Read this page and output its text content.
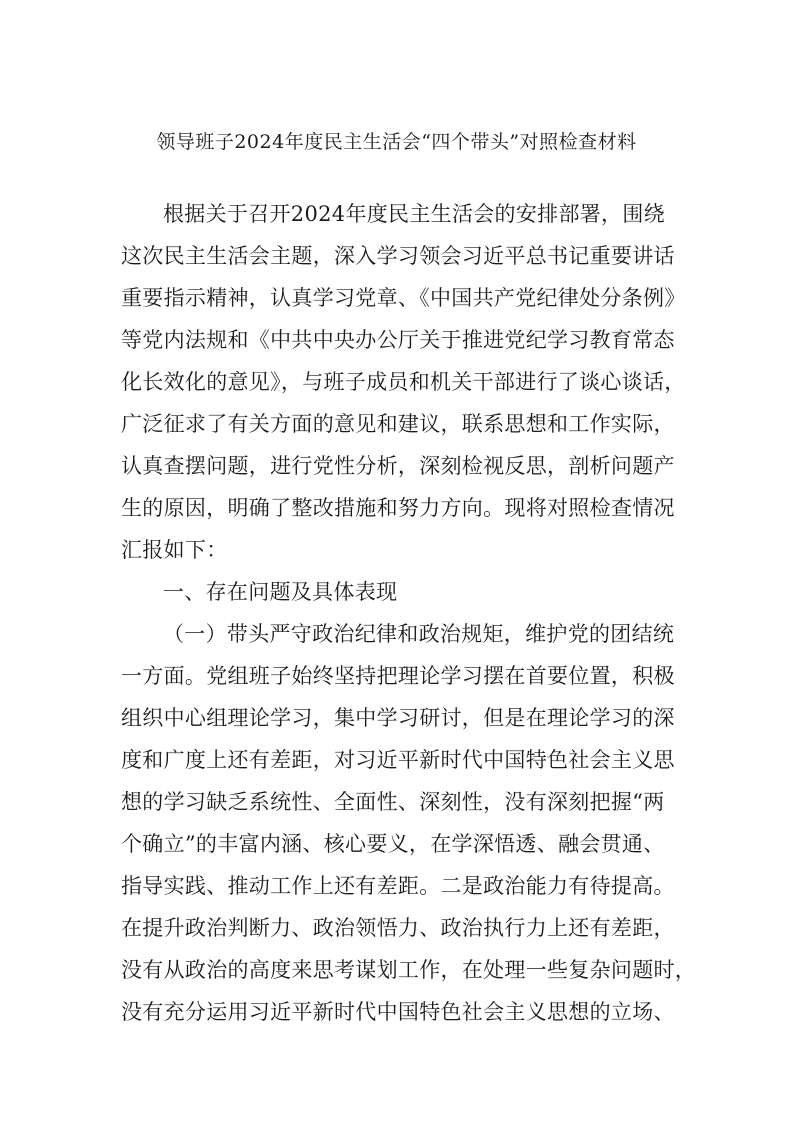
领导班子2024年度民主生活会“四个带头”对照检查材料
根据关于召开2024年度民主生活会的安排部署，围绕
这次民主生活会主题，深入学习领会习近平总书记重要讲话
重要指示精神，认真学习党章、《中国共产党纪律处分条例》
等党内法规和《中共中央办公厅关于推进党纪学习教育常态
化长效化的意见》，与班子成员和机关干部进行了谈心谈话，
广泛征求了有关方面的意见和建议，联系思想和工作实际，
认真查摆问题，进行党性分析，深刻检视反思，剖析问题产
生的原因，明确了整改措施和努力方向。现将对照检查情况
汇报如下：
一、存在问题及具体表现
（一）带头严守政治纪律和政治规矩，维护党的团结统
一方面。党组班子始终坚持把理论学习摆在首要位置，积极
组织中心组理论学习，集中学习研讨，但是在理论学习的深
度和广度上还有差距，对习近平新时代中国特色社会主义思
想的学习缺乏系统性、全面性、深刻性，没有深刻把握“两
个确立”的丰富内涵、核心要义，在学深悟透、融会贯通、
指导实践、推动工作上还有差距。二是政治能力有待提高。
在提升政治判断力、政治领悟力、政治执行力上还有差距，
没有从政治的高度来思考谋划工作，在处理一些复杂问题时，
没有充分运用习近平新时代中国特色社会主义思想的立场、
